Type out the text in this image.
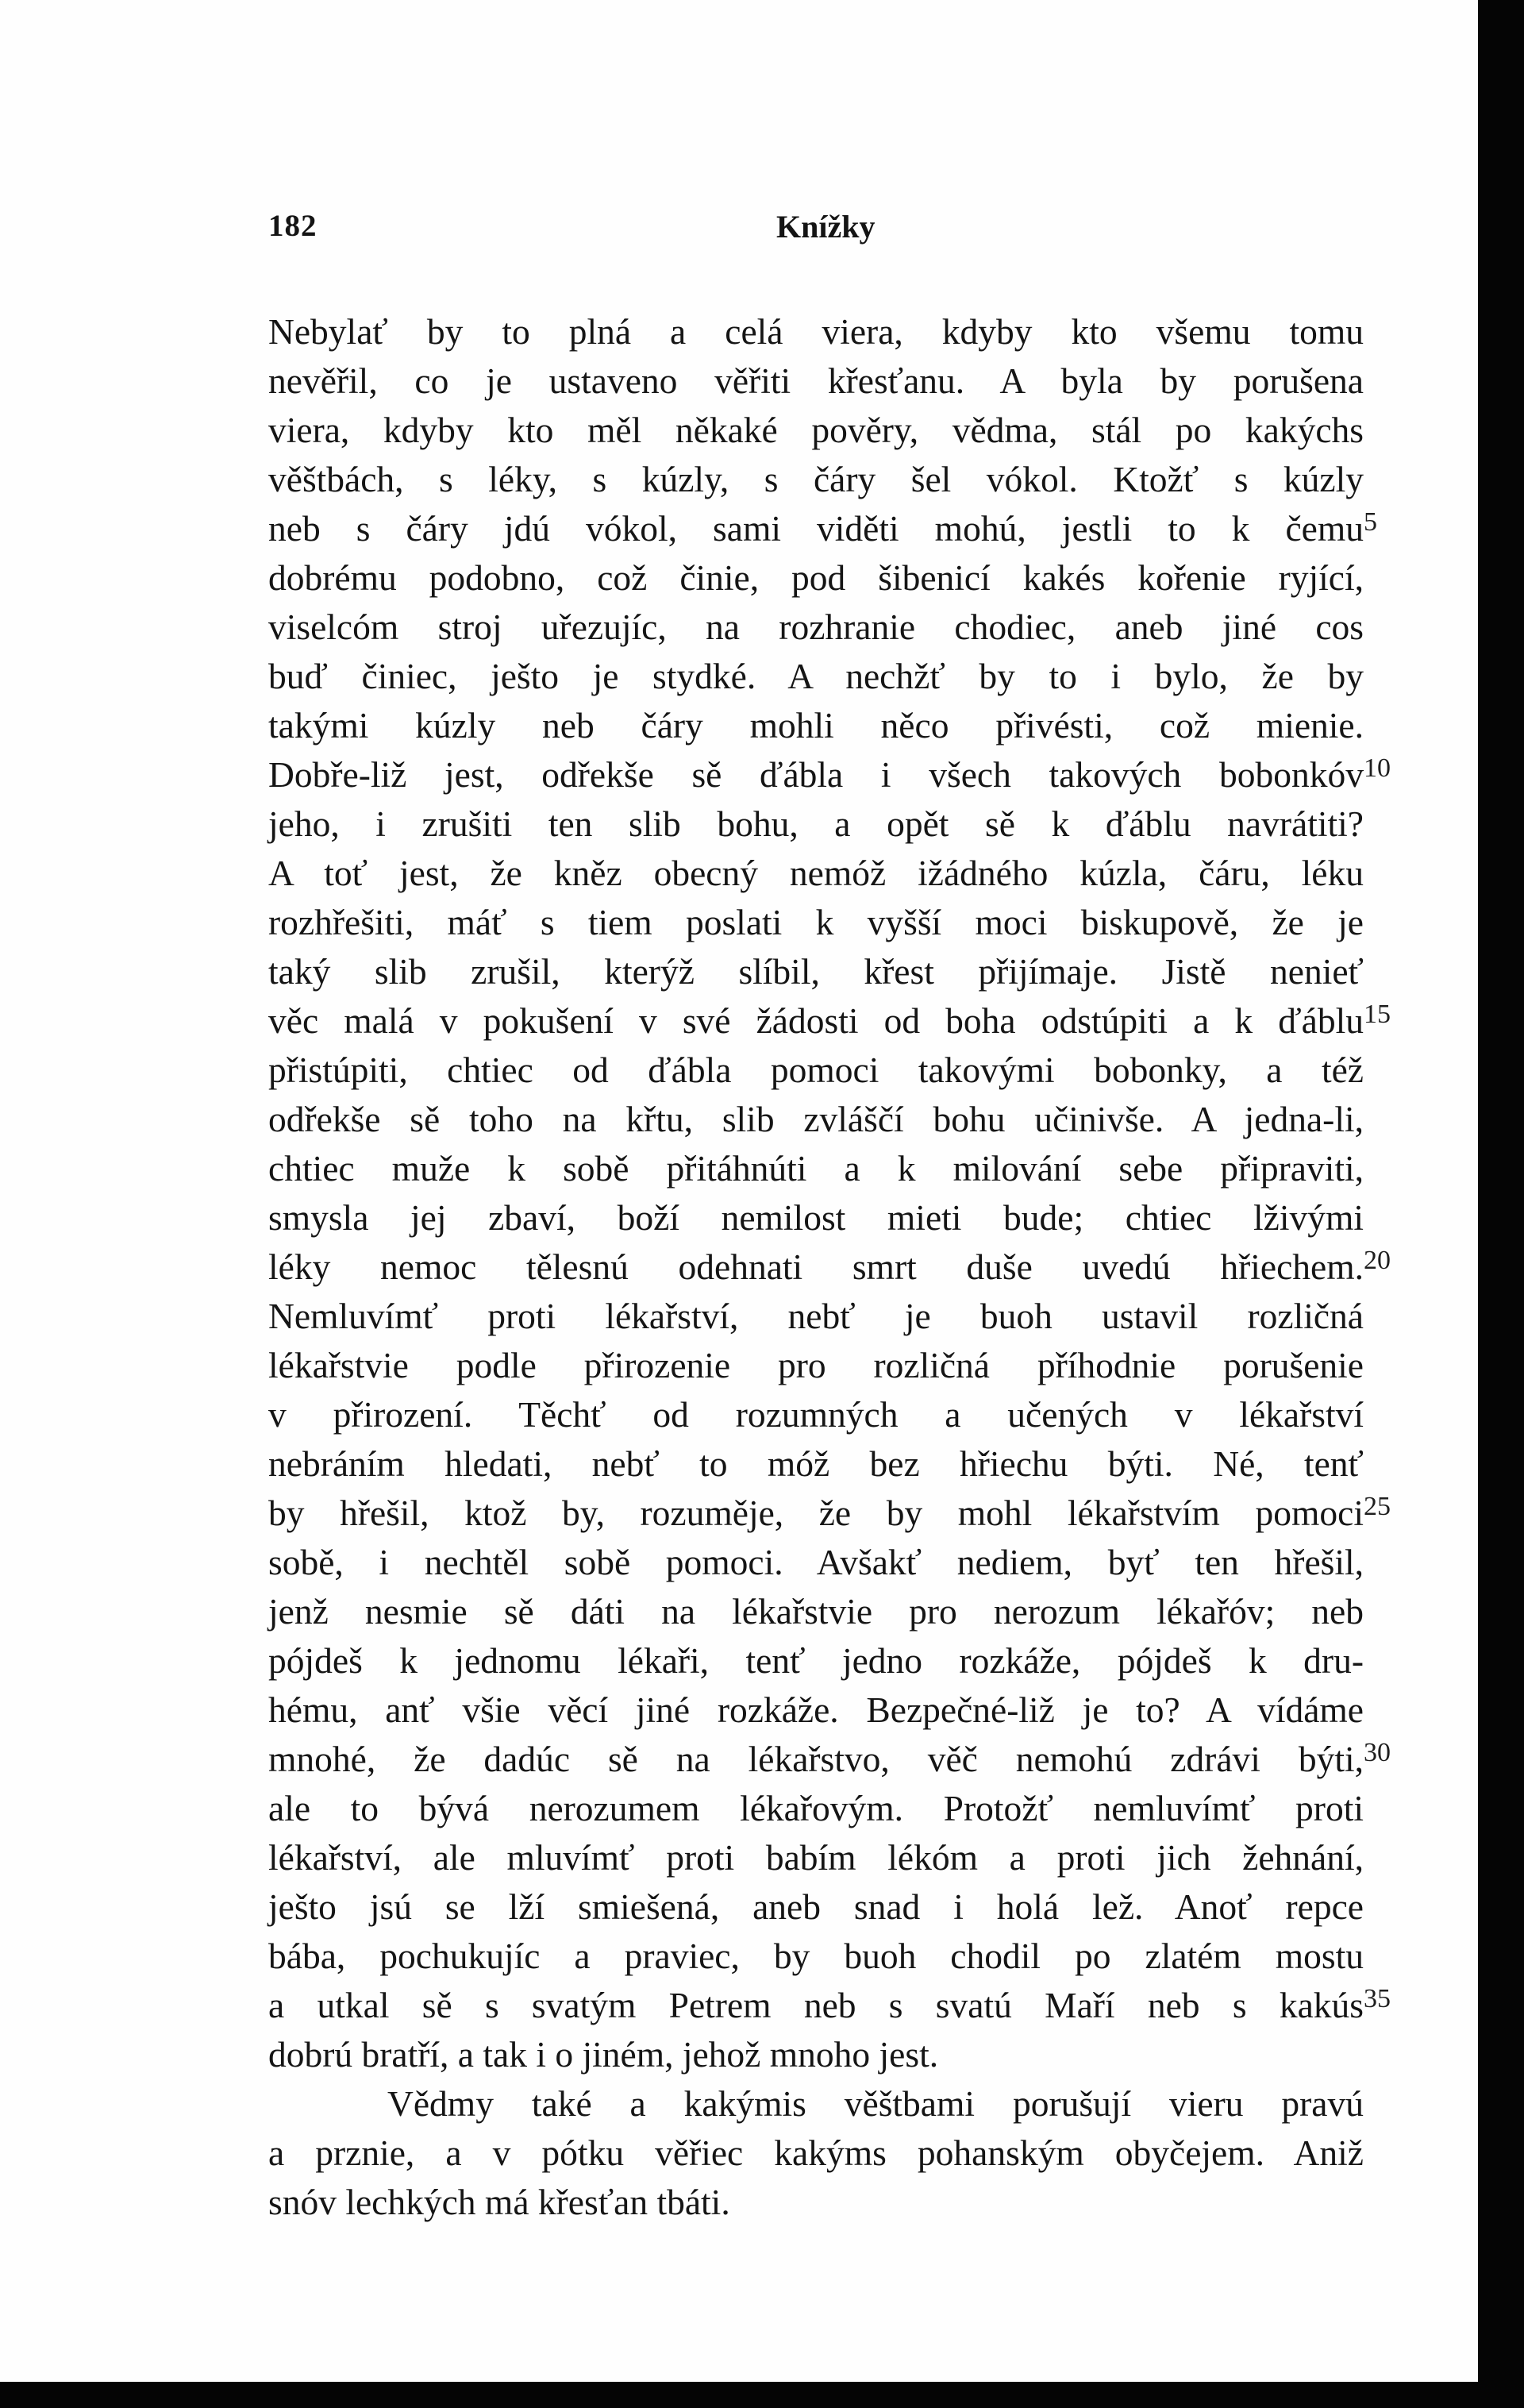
182	Knížky
Nebylať by to plná a celá viera, kdyby kto všemu tomu
nevěřil, co je ustaveno věřiti křesťanu. A byla by porušena
viera, kdyby kto měl někaké pověry, vědma, stál po kakýchs
věštbách, s léky, s kúzly, s čáry šel vókol. Ktožť s kúzly
neb s čáry jdú vókol, sami viděti mohú, jestli to k čemu
dobrému podobno, což činie, pod šibenicí kakés kořenie ryjící,
viselcóm stroj uřezujíc, na rozhranie chodiec, aneb jiné cos
buď činiec, ješto je stydké. A nechžť by to i bylo, že by
takými kúzly neb čáry mohli něco přivésti, což mienie.
Dobře-liž jest, odřekše sě ďábla i všech takových bobonkóv
jeho, i zrušiti ten slib bohu, a opět sě k ďáblu navrátiti?
A toť jest, že kněz obecný nemóž ižádného kúzla, čáru, léku
rozhřešiti, máť s tiem poslati k vyšší moci biskupově, že je
taký slib zrušil, kterýž slíbil, křest přijímaje. Jistě nenieť
věc malá v pokušení v své žádosti od boha odstúpiti a k ďáblu
přistúpiti, chtiec od ďábla pomoci takovými bobonky, a též
odřekše sě toho na křtu, slib zvláščí bohu učinivše. A jedna-li,
chtiec muže k sobě přitáhnúti a k milování sebe připraviti,
smysla jej zbaví, boží nemilost mieti bude; chtiec lživými
léky nemoc tělesnú odehnati smrt duše uvedú hřiechem.
Nemluvímť proti lékařství, nebť je buoh ustavil rozličná
lékařstvie podle přirozenie pro rozličná příhodnie porušenie
v přirození. Těchť od rozumných a učených v lékařství
nebráním hledati, nebť to móž bez hřiechu býti. Né, tenť
by hřešil, ktož by, rozuměje, že by mohl lékařstvím pomoci
sobě, i nechtěl sobě pomoci. Avšakť nediem, byť ten hřešil,
jenž nesmie sě dáti na lékařstvie pro nerozum lékařóv; neb
pójdeš k jednomu lékaři, tenť jedno rozkáže, pójdeš k dru-
hému, anť všie věcí jiné rozkáže. Bezpečné-liž je to? A vídáme
mnohé, že dadúc sě na lékařstvo, věč nemohú zdrávi býti,
ale to bývá nerozumem lékařovým. Protožť nemluvímť proti
lékařství, ale mluvímť proti babím lékóm a proti jich žehnání,
ješto jsú se lží smiešená, aneb snad i holá lež. Anoť repce
bába, pochukujíc a praviec, by buoh chodil po zlatém mostu
a utkal sě s svatým Petrem neb s svatú Maří neb s kakús
dobrú bratří, a tak i o jiném, jehož mnoho jest.
Vědmy také a kakýmis věštbami porušují vieru pravú
a prznie, a v pótku věřiec kakýms pohanským obyčejem. Aniž
snóv lechkých má křesťan tbáti.
5
10
15
20
25
30
35
